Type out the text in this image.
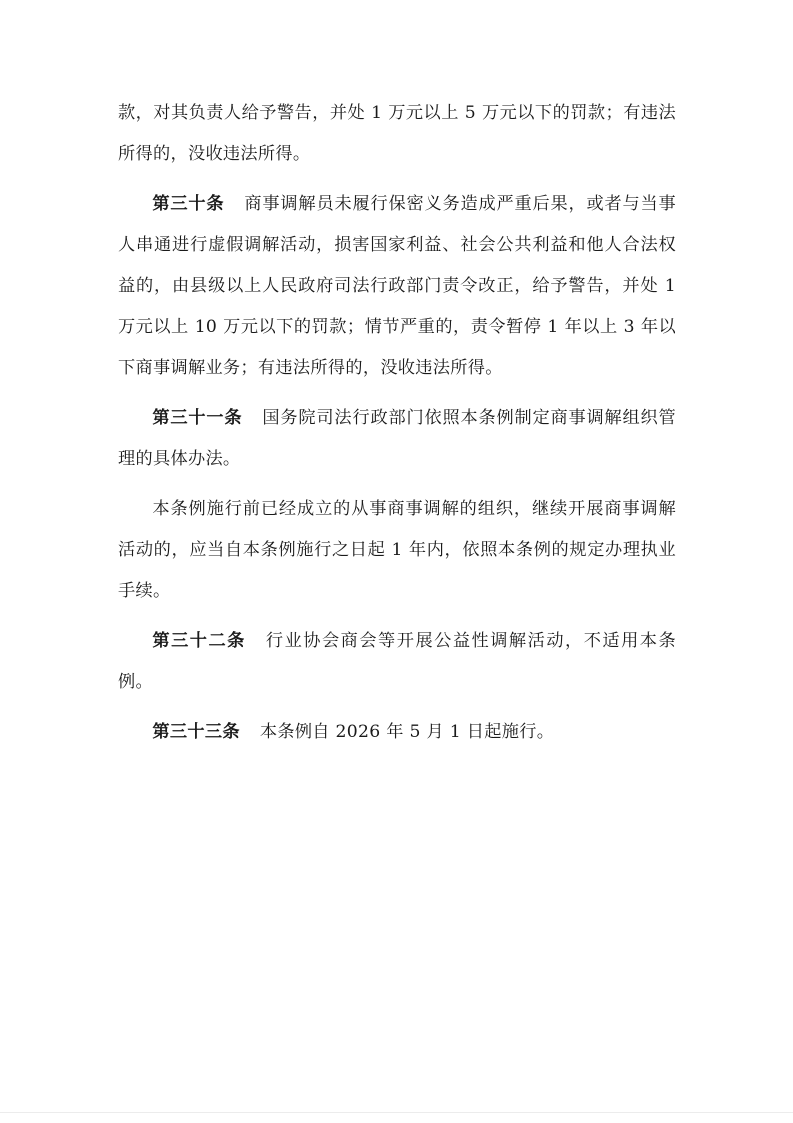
款，对其负责人给予警告，并处 1 万元以上 5 万元以下的罚款；有违法所得的，没收违法所得。

第三十条 商事调解员未履行保密义务造成严重后果，或者与当事人串通进行虚假调解活动，损害国家利益、社会公共利益和他人合法权益的，由县级以上人民政府司法行政部门责令改正，给予警告，并处 1 万元以上 10 万元以下的罚款；情节严重的，责令暂停 1 年以上 3 年以下商事调解业务；有违法所得的，没收违法所得。

第三十一条 国务院司法行政部门依照本条例制定商事调解组织管理的具体办法。

本条例施行前已经成立的从事商事调解的组织，继续开展商事调解活动的，应当自本条例施行之日起 1 年内，依照本条例的规定办理执业手续。

第三十二条 行业协会商会等开展公益性调解活动，不适用本条例。

第三十三条 本条例自 2026 年 5 月 1 日起施行。
